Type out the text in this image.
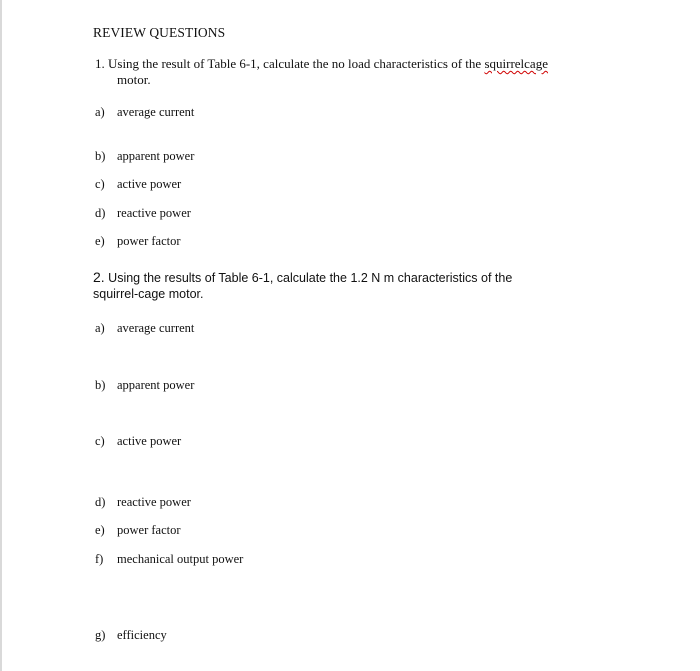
REVIEW QUESTIONS
1. Using the result of Table 6-1, calculate the no load characteristics of the squirrelcage
motor.
a) average current
b) apparent power
c) active power
d) reactive power
e) power factor
2. Using the results of Table 6-1, calculate the 1.2 N m characteristics of the
squirrel-cage motor.
a) average current
b) apparent power
c) active power
d) reactive power
e) power factor
f) mechanical output power
g) efficiency
